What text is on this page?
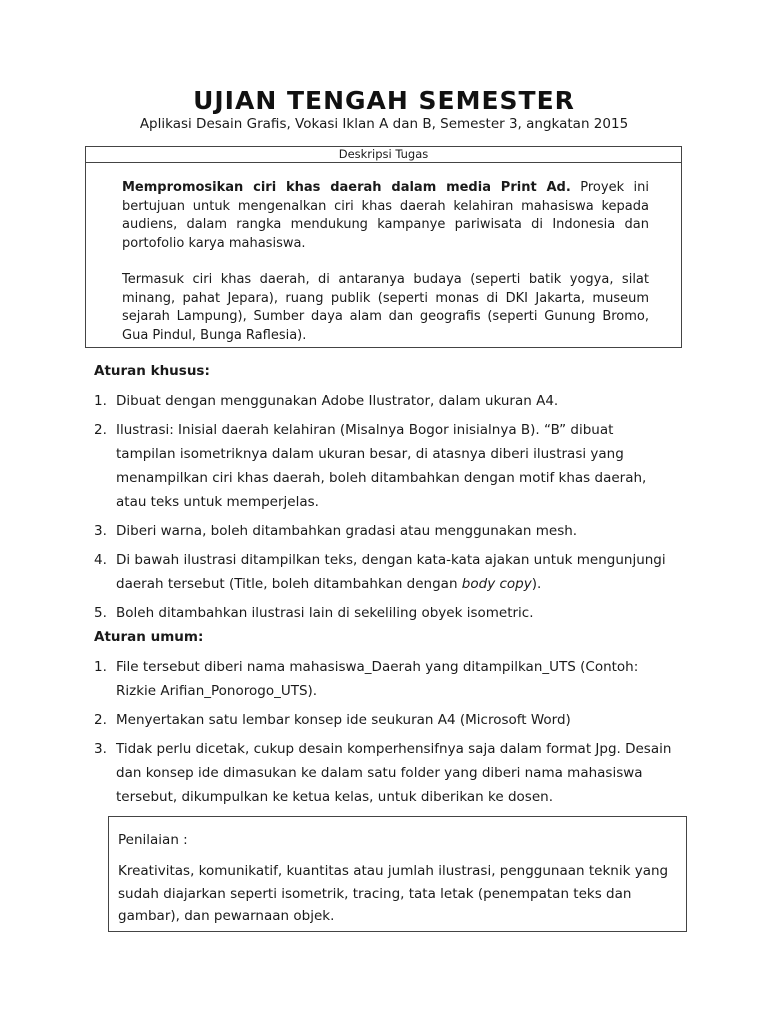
UJIAN TENGAH SEMESTER
Aplikasi Desain Grafis, Vokasi Iklan A dan B, Semester 3, angkatan 2015
Deskripsi Tugas

Mempromosikan ciri khas daerah dalam media Print Ad. Proyek ini bertujuan untuk mengenalkan ciri khas daerah kelahiran mahasiswa kepada audiens, dalam rangka mendukung kampanye pariwisata di Indonesia dan portofolio karya mahasiswa.

Termasuk ciri khas daerah, di antaranya budaya (seperti batik yogya, silat minang, pahat Jepara), ruang publik (seperti monas di DKI Jakarta, museum sejarah Lampung), Sumber daya alam dan geografis (seperti Gunung Bromo, Gua Pindul, Bunga Raflesia).

Aturan khusus:
1. Dibuat dengan menggunakan Adobe Ilustrator, dalam ukuran A4.
2. Ilustrasi: Inisial daerah kelahiran (Misalnya Bogor inisialnya B). “B” dibuat tampilan isometriknya dalam ukuran besar, di atasnya diberi ilustrasi yang menampilkan ciri khas daerah, boleh ditambahkan dengan motif khas daerah, atau teks untuk memperjelas.
3. Diberi warna, boleh ditambahkan gradasi atau menggunakan mesh.
4. Di bawah ilustrasi ditampilkan teks, dengan kata-kata ajakan untuk mengunjungi daerah tersebut (Title, boleh ditambahkan dengan body copy).
5. Boleh ditambahkan ilustrasi lain di sekeliling obyek isometric.
Aturan umum:
1. File tersebut diberi nama mahasiswa_Daerah yang ditampilkan_UTS (Contoh: Rizkie Arifian_Ponorogo_UTS).
2. Menyertakan satu lembar konsep ide seukuran A4 (Microsoft Word)
3. Tidak perlu dicetak, cukup desain komperhensifnya saja dalam format Jpg. Desain dan konsep ide dimasukan ke dalam satu folder yang diberi nama mahasiswa tersebut, dikumpulkan ke ketua kelas, untuk diberikan ke dosen.
Penilaian :
Kreativitas, komunikatif, kuantitas atau jumlah ilustrasi, penggunaan teknik yang sudah diajarkan seperti isometrik, tracing, tata letak (penempatan teks dan gambar), dan pewarnaan objek.
